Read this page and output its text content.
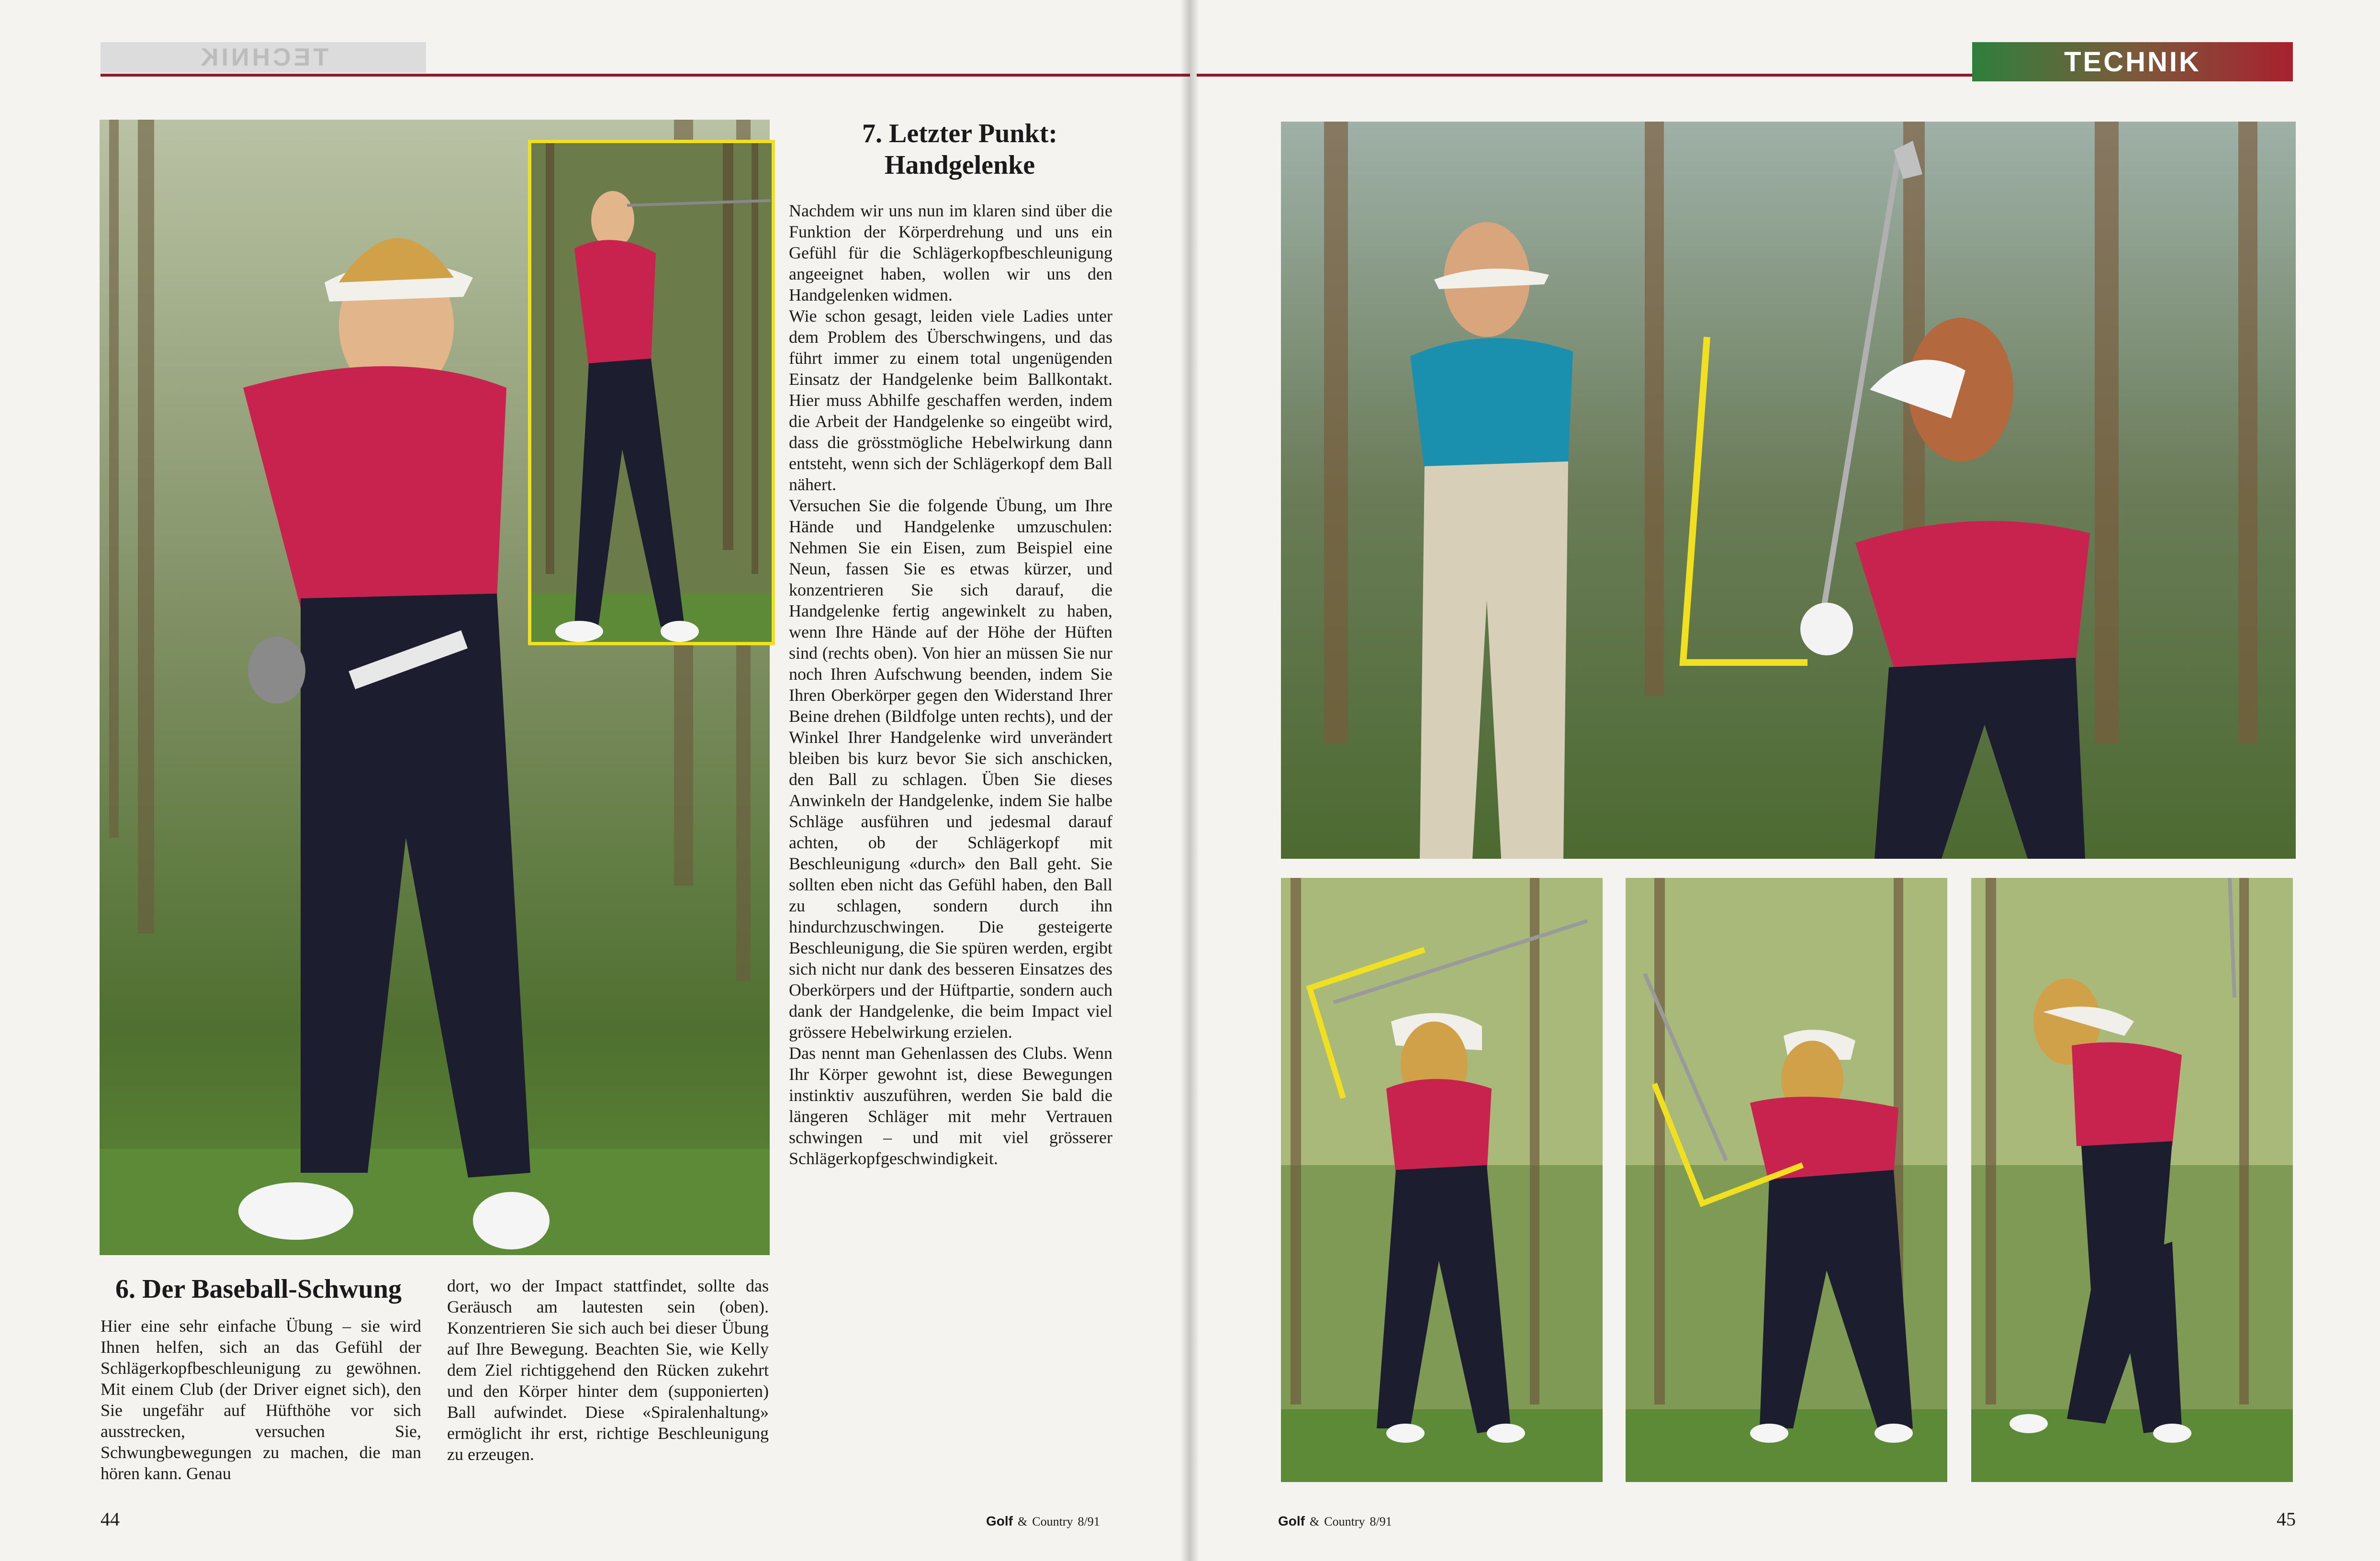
TECHNIK
7. Letzter Punkt:
Handgelenke

Nachdem wir uns nun im klaren sind über die Funktion der Körperdrehung und uns ein Gefühl für die Schlägerkopfbeschleunigung angeeignet haben, wollen wir uns den Handgelenken widmen.

Wie schon gesagt, leiden viele Ladies unter dem Problem des Überschwingens, und das führt immer zu einem total ungenügenden Einsatz der Handgelenke beim Ballkontakt. Hier muss Abhilfe geschaffen werden, indem die Arbeit der Handgelenke so eingeübt wird, dass die grösstmögliche Hebelwirkung dann entsteht, wenn sich der Schlägerkopf dem Ball nähert.

Versuchen Sie die folgende Übung, um Ihre Hände und Handgelenke umzuschulen: Nehmen Sie ein Eisen, zum Beispiel eine Neun, fassen Sie es etwas kürzer, und konzentrieren Sie sich darauf, die Handgelenke fertig angewinkelt zu haben, wenn Ihre Hände auf der Höhe der Hüften sind (rechts oben). Von hier an müssen Sie nur noch Ihren Aufschwung beenden, indem Sie Ihren Oberkörper gegen den Widerstand Ihrer Beine drehen (Bildfolge unten rechts), und der Winkel Ihrer Handgelenke wird unverändert bleiben bis kurz bevor Sie sich anschicken, den Ball zu schlagen. Üben Sie dieses Anwinkeln der Handgelenke, indem Sie halbe Schläge ausführen und jedesmal darauf achten, ob der Schlägerkopf mit Beschleunigung «durch» den Ball geht. Sie sollten eben nicht das Gefühl haben, den Ball zu schlagen, sondern durch ihn hindurchzuschwingen. Die gesteigerte Beschleunigung, die Sie spüren werden, ergibt sich nicht nur dank des besseren Einsatzes des Oberkörpers und der Hüftpartie, sondern auch dank der Handgelenke, die beim Impact viel grössere Hebelwirkung erzielen.

Das nennt man Gehenlassen des Clubs. Wenn Ihr Körper gewohnt ist, diese Bewegungen instinktiv auszuführen, werden Sie bald die längeren Schläger mit mehr Vertrauen schwingen – und mit viel grösserer Schlägerkopfgeschwindigkeit.

6. Der Baseball-Schwung
Hier eine sehr einfache Übung – sie wird Ihnen helfen, sich an das Gefühl der Schlägerkopfbeschleunigung zu gewöhnen. Mit einem Club (der Driver eignet sich), den Sie ungefähr auf Hüfthöhe vor sich ausstrecken, versuchen Sie, Schwungbewegungen zu machen, die man hören kann. Genau
dort, wo der Impact stattfindet, sollte das Geräusch am lautesten sein (oben). Konzentrieren Sie sich auch bei dieser Übung auf Ihre Bewegung. Beachten Sie, wie Kelly dem Ziel richtiggehend den Rücken zukehrt und den Körper hinter dem (supponierten) Ball aufwindet. Diese «Spiralenhaltung» ermöglicht ihr erst, richtige Beschleunigung zu erzeugen.
44	Golf & Country 8/91
TECHNIK
Golf & Country 8/91	45
